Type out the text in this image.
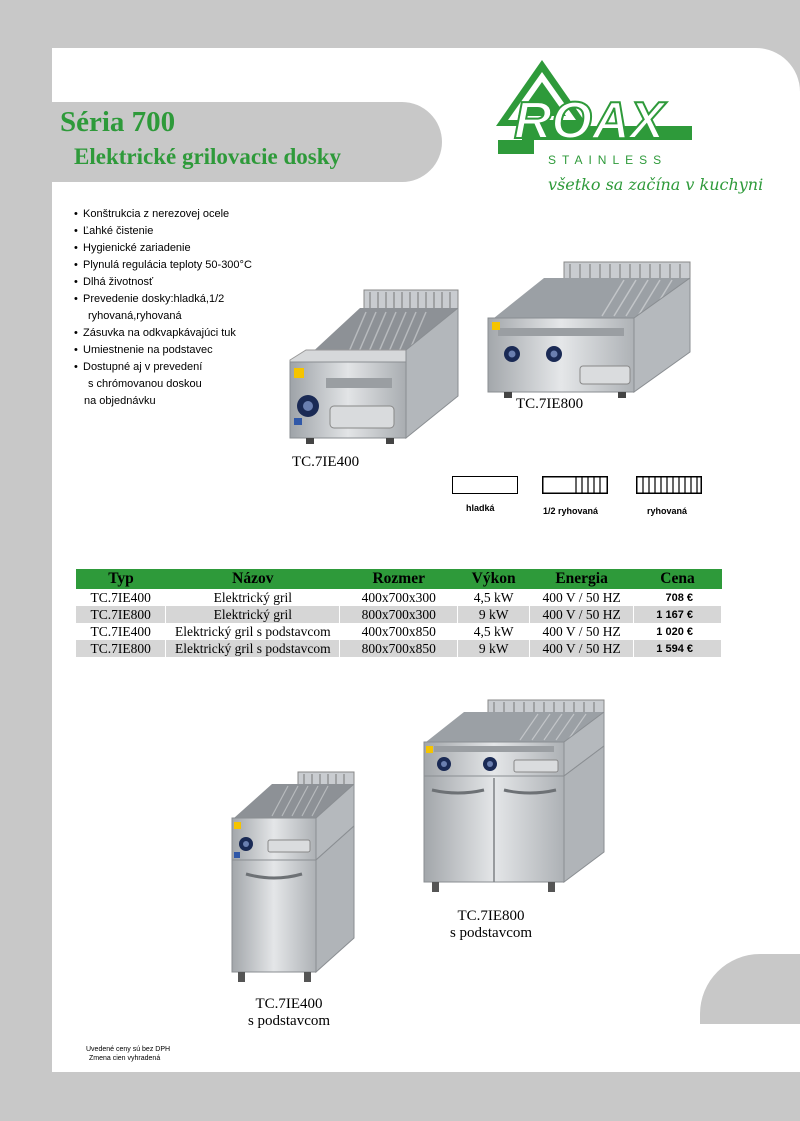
Séria 700
Elektrické grilovacie dosky
ROAX
STAINLESS
všetko sa začína v kuchyni
• Konštrukcia z nerezovej ocele
• Ľahké čistenie
• Hygienické zariadenie
• Plynulá regulácia teploty 50-300°C
• Dlhá životnosť
• Prevedenie dosky:hladká,1/2
ryhovaná,ryhovaná
• Zásuvka na odkvapkávajúci tuk
• Umiestnenie na podstavec
• Dostupné aj v prevedení
s chrómovanou doskou
na objednávku
TC.7IE400
TC.7IE800
hladká	1/2 ryhovaná	ryhovaná
Typ	Názov	Rozmer	Výkon	Energia	Cena
TC.7IE400	Elektrický gril	400x700x300	4,5 kW	400 V / 50 HZ	708 €
TC.7IE800	Elektrický gril	800x700x300	9 kW	400 V / 50 HZ	1 167 €
TC.7IE400	Elektrický gril s podstavcom	400x700x850	4,5 kW	400 V / 50 HZ	1 020 €
TC.7IE800	Elektrický gril s podstavcom	800x700x850	9 kW	400 V / 50 HZ	1 594 €
TC.7IE400
s podstavcom
TC.7IE800
s podstavcom
Uvedené ceny sú bez DPH
Zmena cien vyhradená
